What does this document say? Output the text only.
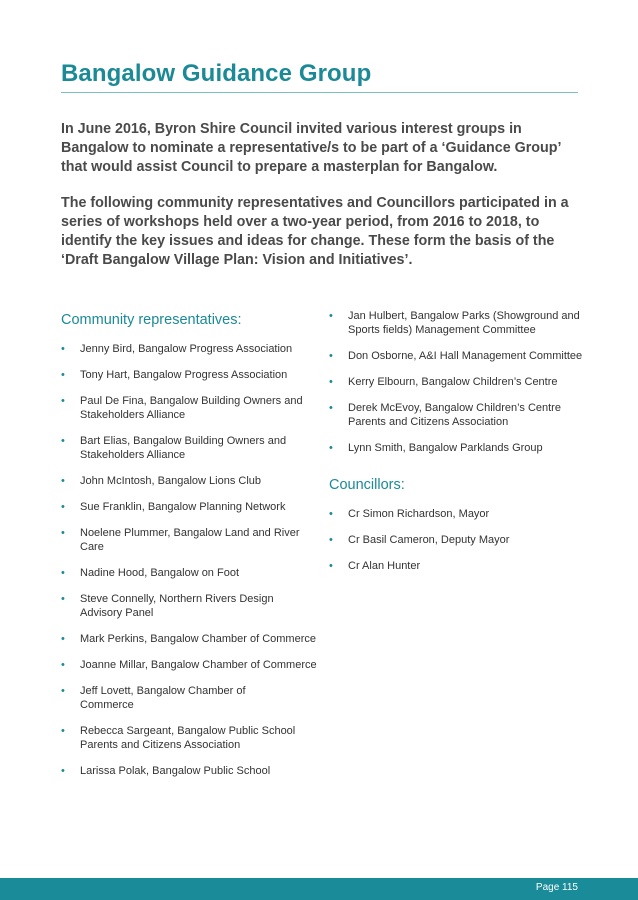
Bangalow Guidance Group

In June 2016, Byron Shire Council invited various interest groups in Bangalow to nominate a representative/s to be part of a ‘Guidance Group’ that would assist Council to prepare a masterplan for Bangalow.

The following community representatives and Councillors participated in a series of workshops held over a two-year period, from 2016 to 2018, to identify the key issues and ideas for change. These form the basis of the ‘Draft Bangalow Village Plan: Vision and Initiatives’.

Community representatives:
• Jenny Bird, Bangalow Progress Association
• Tony Hart, Bangalow Progress Association
• Paul De Fina, Bangalow Building Owners and Stakeholders Alliance
• Bart Elias, Bangalow Building Owners and Stakeholders Alliance
• John McIntosh, Bangalow Lions Club
• Sue Franklin, Bangalow Planning Network
• Noelene Plummer, Bangalow Land and River Care
• Nadine Hood, Bangalow on Foot
• Steve Connelly, Northern Rivers Design Advisory Panel
• Mark Perkins, Bangalow Chamber of Commerce
• Joanne Millar, Bangalow Chamber of Commerce
• Jeff Lovett, Bangalow Chamber of Commerce
• Rebecca Sargeant, Bangalow Public School Parents and Citizens Association
• Larissa Polak, Bangalow Public School
• Jan Hulbert, Bangalow Parks (Showground and Sports fields) Management Committee
• Don Osborne, A&I Hall Management Committee
• Kerry Elbourn, Bangalow Children’s Centre
• Derek McEvoy, Bangalow Children’s Centre Parents and Citizens Association
• Lynn Smith, Bangalow Parklands Group
Councillors:
• Cr Simon Richardson, Mayor
• Cr Basil Cameron, Deputy Mayor
• Cr Alan Hunter
Page 115
